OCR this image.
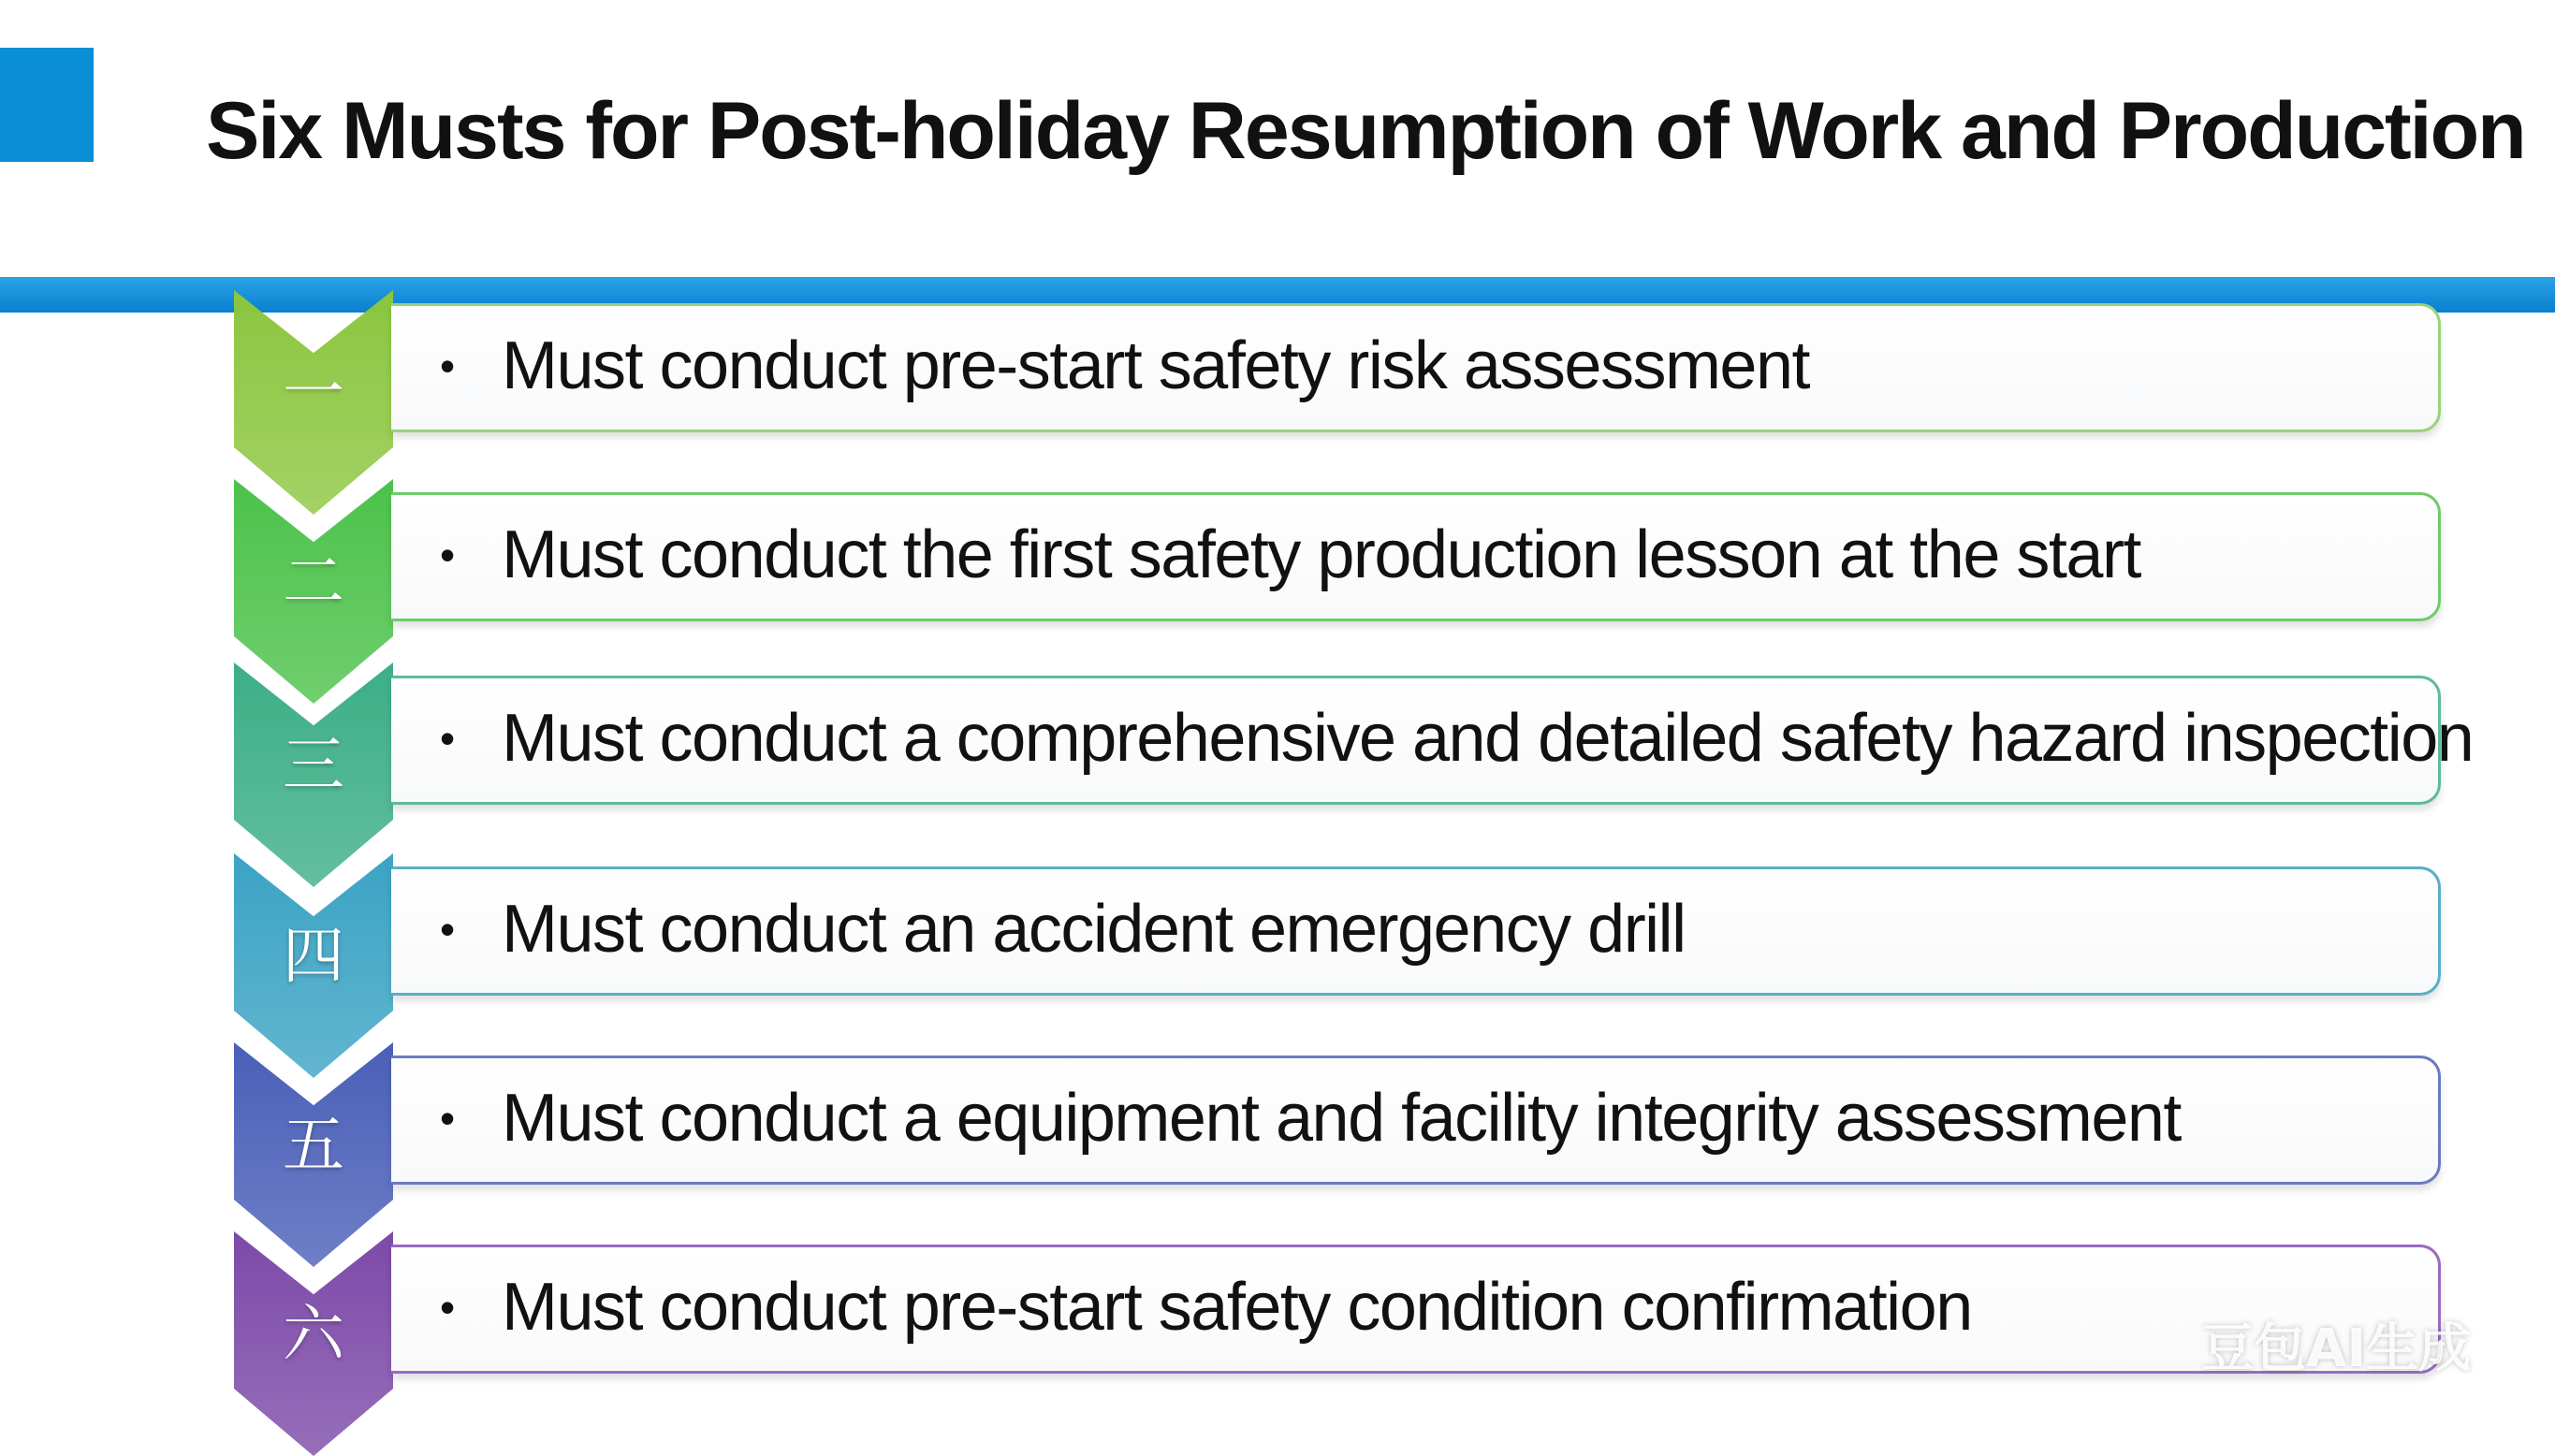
Six Musts for Post-holiday Resumption of Work and Production
一	• Must conduct pre-start safety risk assessment
二	• Must conduct the first safety production lesson at the start
三	• Must conduct a comprehensive and detailed safety hazard inspection
四	• Must conduct an accident emergency drill
五	• Must conduct a equipment and facility integrity assessment
六	• Must conduct pre-start safety condition confirmation
豆包AI生成
